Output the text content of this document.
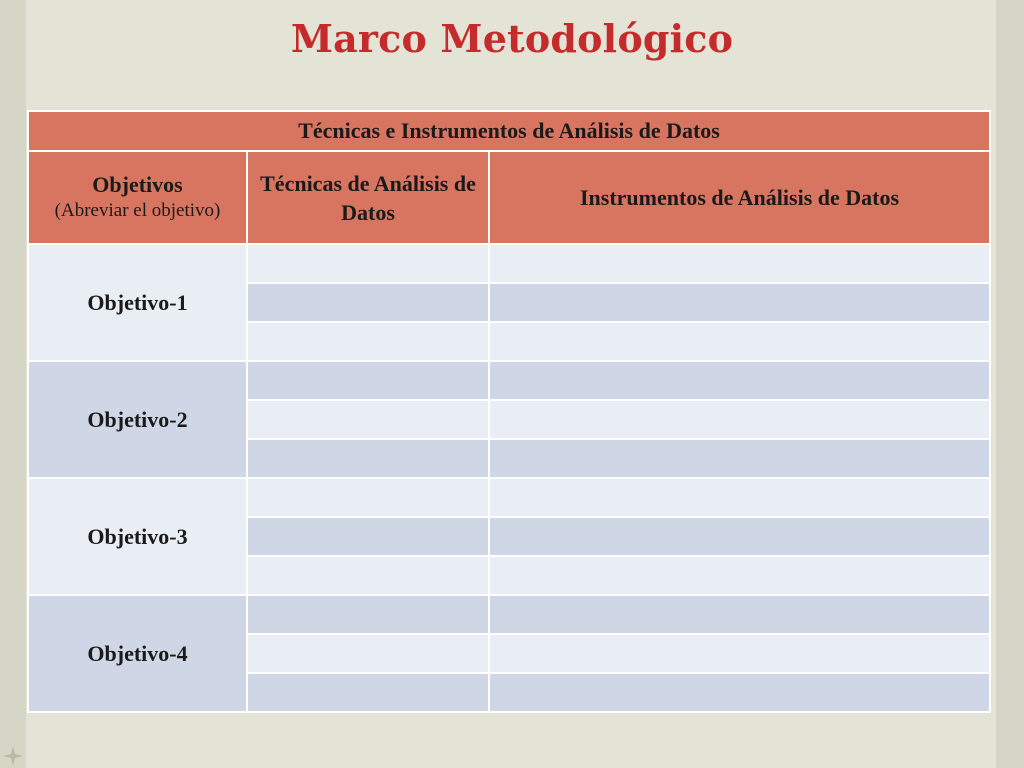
Marco Metodológico
Técnicas e Instrumentos de Análisis de Datos		

Objetivos
(Abreviar el objetivo)	Técnicas de Análisis de Datos	Instrumentos de Análisis de Datos
Objetivo-1		

Objetivo-2		

Objetivo-3		

Objetivo-4		
